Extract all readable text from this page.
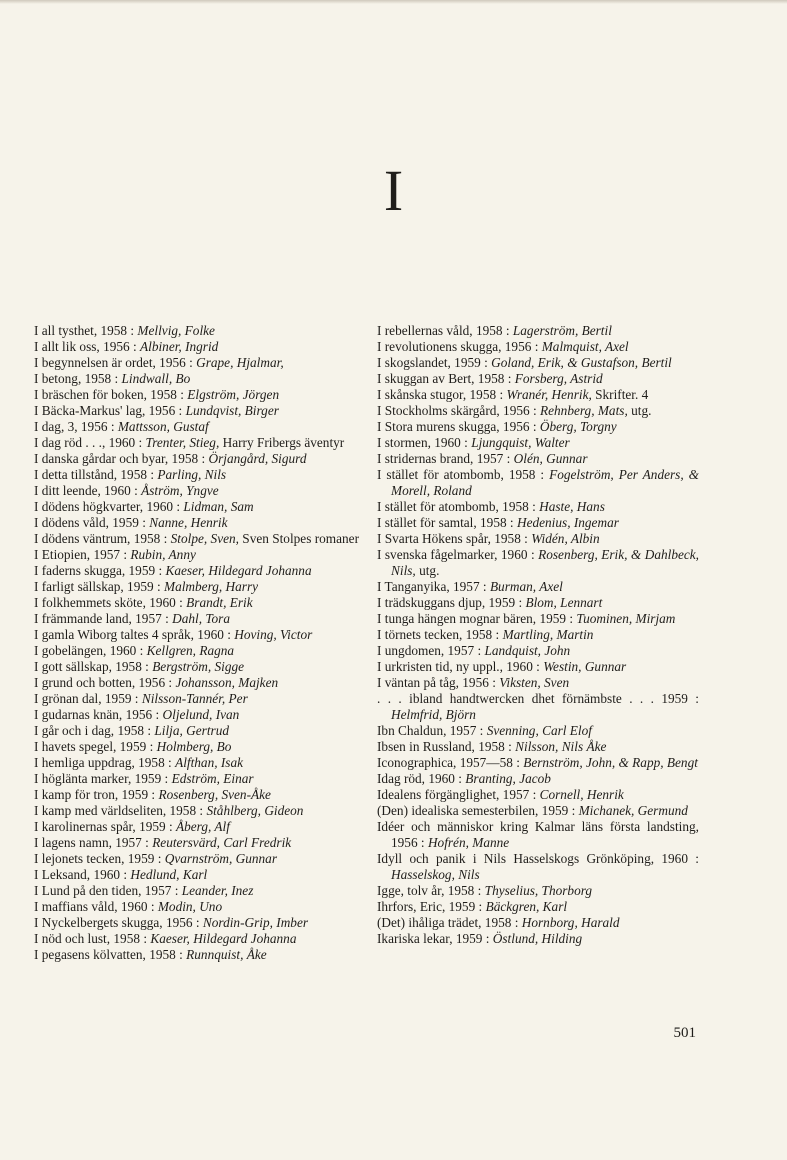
I
I all tysthet, 1958 : Mellvig, Folke
I allt lik oss, 1956 : Albiner, Ingrid
I begynnelsen är ordet, 1956 : Grape, Hjalmar,
I betong, 1958 : Lindwall, Bo
I bräschen för boken, 1958 : Elgström, Jörgen
I Bäcka-Markus' lag, 1956 : Lundqvist, Birger
I dag, 3, 1956 : Mattsson, Gustaf
I dag röd . . ., 1960 : Trenter, Stieg, Harry Fribergs äventyr
I danska gårdar och byar, 1958 : Örjangård, Sigurd
I detta tillstånd, 1958 : Parling, Nils
I ditt leende, 1960 : Åström, Yngve
I dödens högkvarter, 1960 : Lidman, Sam
I dödens våld, 1959 : Nanne, Henrik
I dödens väntrum, 1958 : Stolpe, Sven, Sven Stolpes romaner
I Etiopien, 1957 : Rubin, Anny
I faderns skugga, 1959 : Kaeser, Hildegard Johanna
I farligt sällskap, 1959 : Malmberg, Harry
I folkhemmets sköte, 1960 : Brandt, Erik
I främmande land, 1957 : Dahl, Tora
I gamla Wiborg taltes 4 språk, 1960 : Hoving, Victor
I gobelängen, 1960 : Kellgren, Ragna
I gott sällskap, 1958 : Bergström, Sigge
I grund och botten, 1956 : Johansson, Majken
I grönan dal, 1959 : Nilsson-Tannér, Per
I gudarnas knän, 1956 : Oljelund, Ivan
I går och i dag, 1958 : Lilja, Gertrud
I havets spegel, 1959 : Holmberg, Bo
I hemliga uppdrag, 1958 : Alfthan, Isak
I höglänta marker, 1959 : Edström, Einar
I kamp för tron, 1959 : Rosenberg, Sven-Åke
I kamp med världseliten, 1958 : Ståhlberg, Gideon
I karolinernas spår, 1959 : Åberg, Alf
I lagens namn, 1957 : Reutersvärd, Carl Fredrik
I lejonets tecken, 1959 : Qvarnström, Gunnar
I Leksand, 1960 : Hedlund, Karl
I Lund på den tiden, 1957 : Leander, Inez
I maffians våld, 1960 : Modin, Uno
I Nyckelbergets skugga, 1956 : Nordin-Grip, Imber
I nöd och lust, 1958 : Kaeser, Hildegard Johanna
I pegasens kölvatten, 1958 : Runnquist, Åke
I rebellernas våld, 1958 : Lagerström, Bertil
I revolutionens skugga, 1956 : Malmquist, Axel
I skogslandet, 1959 : Goland, Erik, & Gustafson, Bertil
I skuggan av Bert, 1958 : Forsberg, Astrid
I skånska stugor, 1958 : Wranér, Henrik, Skrifter. 4
I Stockholms skärgård, 1956 : Rehnberg, Mats, utg.
I Stora murens skugga, 1956 : Öberg, Torgny
I stormen, 1960 : Ljungquist, Walter
I stridernas brand, 1957 : Olén, Gunnar
I stället för atombomb, 1958 : Fogelström, Per Anders, & Morell, Roland
I stället för atombomb, 1958 : Haste, Hans
I stället för samtal, 1958 : Hedenius, Ingemar
I Svarta Hökens spår, 1958 : Widén, Albin
I svenska fågelmarker, 1960 : Rosenberg, Erik, & Dahlbeck, Nils, utg.
I Tanganyika, 1957 : Burman, Axel
I trädskuggans djup, 1959 : Blom, Lennart
I tunga hängen mognar bären, 1959 : Tuominen, Mirjam
I törnets tecken, 1958 : Martling, Martin
I ungdomen, 1957 : Landquist, John
I urkristen tid, ny uppl., 1960 : Westin, Gunnar
I väntan på tåg, 1956 : Viksten, Sven
. . . ibland handtwercken dhet förnämbste . . . 1959 : Helmfrid, Björn
Ibn Chaldun, 1957 : Svenning, Carl Elof
Ibsen in Russland, 1958 : Nilsson, Nils Åke
Iconographica, 1957—58 : Bernström, John, & Rapp, Bengt
Idag röd, 1960 : Branting, Jacob
Idealens förgänglighet, 1957 : Cornell, Henrik
(Den) idealiska semesterbilen, 1959 : Michanek, Germund
Idéer och människor kring Kalmar läns första landsting, 1956 : Hofrén, Manne
Idyll och panik i Nils Hasselskogs Grönköping, 1960 : Hasselskog, Nils
Igge, tolv år, 1958 : Thyselius, Thorborg
Ihrfors, Eric, 1959 : Bäckgren, Karl
(Det) ihåliga trädet, 1958 : Hornborg, Harald
Ikariska lekar, 1959 : Östlund, Hilding
501
